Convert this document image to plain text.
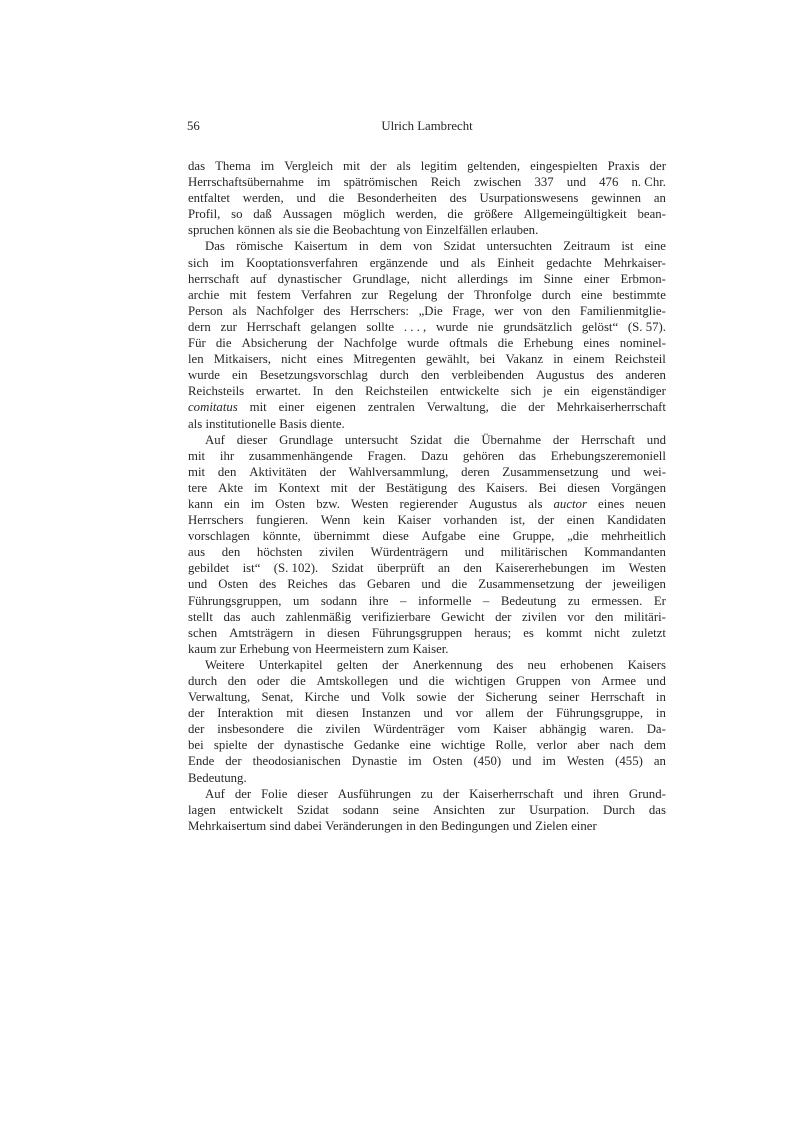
56	Ulrich Lambrecht
das Thema im Vergleich mit der als legitim geltenden, eingespielten Praxis der
Herrschaftsübernahme im spätrömischen Reich zwischen 337 und 476 n. Chr.
entfaltet werden, und die Besonderheiten des Usurpationswesens gewinnen an
Profil, so daß Aussagen möglich werden, die größere Allgemeingültigkeit bean-
spruchen können als sie die Beobachtung von Einzelfällen erlauben.
Das römische Kaisertum in dem von Szidat untersuchten Zeitraum ist eine
sich im Kooptationsverfahren ergänzende und als Einheit gedachte Mehrkaiser-
herrschaft auf dynastischer Grundlage, nicht allerdings im Sinne einer Erbmon-
archie mit festem Verfahren zur Regelung der Thronfolge durch eine bestimmte
Person als Nachfolger des Herrschers: „Die Frage, wer von den Familienmitglie-
dern zur Herrschaft gelangen sollte . . . , wurde nie grundsätzlich gelöst“ (S. 57).
Für die Absicherung der Nachfolge wurde oftmals die Erhebung eines nominel-
len Mitkaisers, nicht eines Mitregenten gewählt, bei Vakanz in einem Reichsteil
wurde ein Besetzungsvorschlag durch den verbleibenden Augustus des anderen
Reichsteils erwartet. In den Reichsteilen entwickelte sich je ein eigenständiger
comitatus mit einer eigenen zentralen Verwaltung, die der Mehrkaiserherrschaft
als institutionelle Basis diente.
Auf dieser Grundlage untersucht Szidat die Übernahme der Herrschaft und
mit ihr zusammenhängende Fragen. Dazu gehören das Erhebungszeremoniell
mit den Aktivitäten der Wahlversammlung, deren Zusammensetzung und wei-
tere Akte im Kontext mit der Bestätigung des Kaisers. Bei diesen Vorgängen
kann ein im Osten bzw. Westen regierender Augustus als auctor eines neuen
Herrschers fungieren. Wenn kein Kaiser vorhanden ist, der einen Kandidaten
vorschlagen könnte, übernimmt diese Aufgabe eine Gruppe, „die mehrheitlich
aus den höchsten zivilen Würdenträgern und militärischen Kommandanten
gebildet ist“ (S. 102). Szidat überprüft an den Kaisererhebungen im Westen
und Osten des Reiches das Gebaren und die Zusammensetzung der jeweiligen
Führungsgruppen, um sodann ihre – informelle – Bedeutung zu ermessen. Er
stellt das auch zahlenmäßig verifizierbare Gewicht der zivilen vor den militäri-
schen Amtsträgern in diesen Führungsgruppen heraus; es kommt nicht zuletzt
kaum zur Erhebung von Heermeistern zum Kaiser.
Weitere Unterkapitel gelten der Anerkennung des neu erhobenen Kaisers
durch den oder die Amtskollegen und die wichtigen Gruppen von Armee und
Verwaltung, Senat, Kirche und Volk sowie der Sicherung seiner Herrschaft in
der Interaktion mit diesen Instanzen und vor allem der Führungsgruppe, in
der insbesondere die zivilen Würdenträger vom Kaiser abhängig waren. Da-
bei spielte der dynastische Gedanke eine wichtige Rolle, verlor aber nach dem
Ende der theodosianischen Dynastie im Osten (450) und im Westen (455) an
Bedeutung.
Auf der Folie dieser Ausführungen zu der Kaiserherrschaft und ihren Grund-
lagen entwickelt Szidat sodann seine Ansichten zur Usurpation. Durch das
Mehrkaisertum sind dabei Veränderungen in den Bedingungen und Zielen einer
